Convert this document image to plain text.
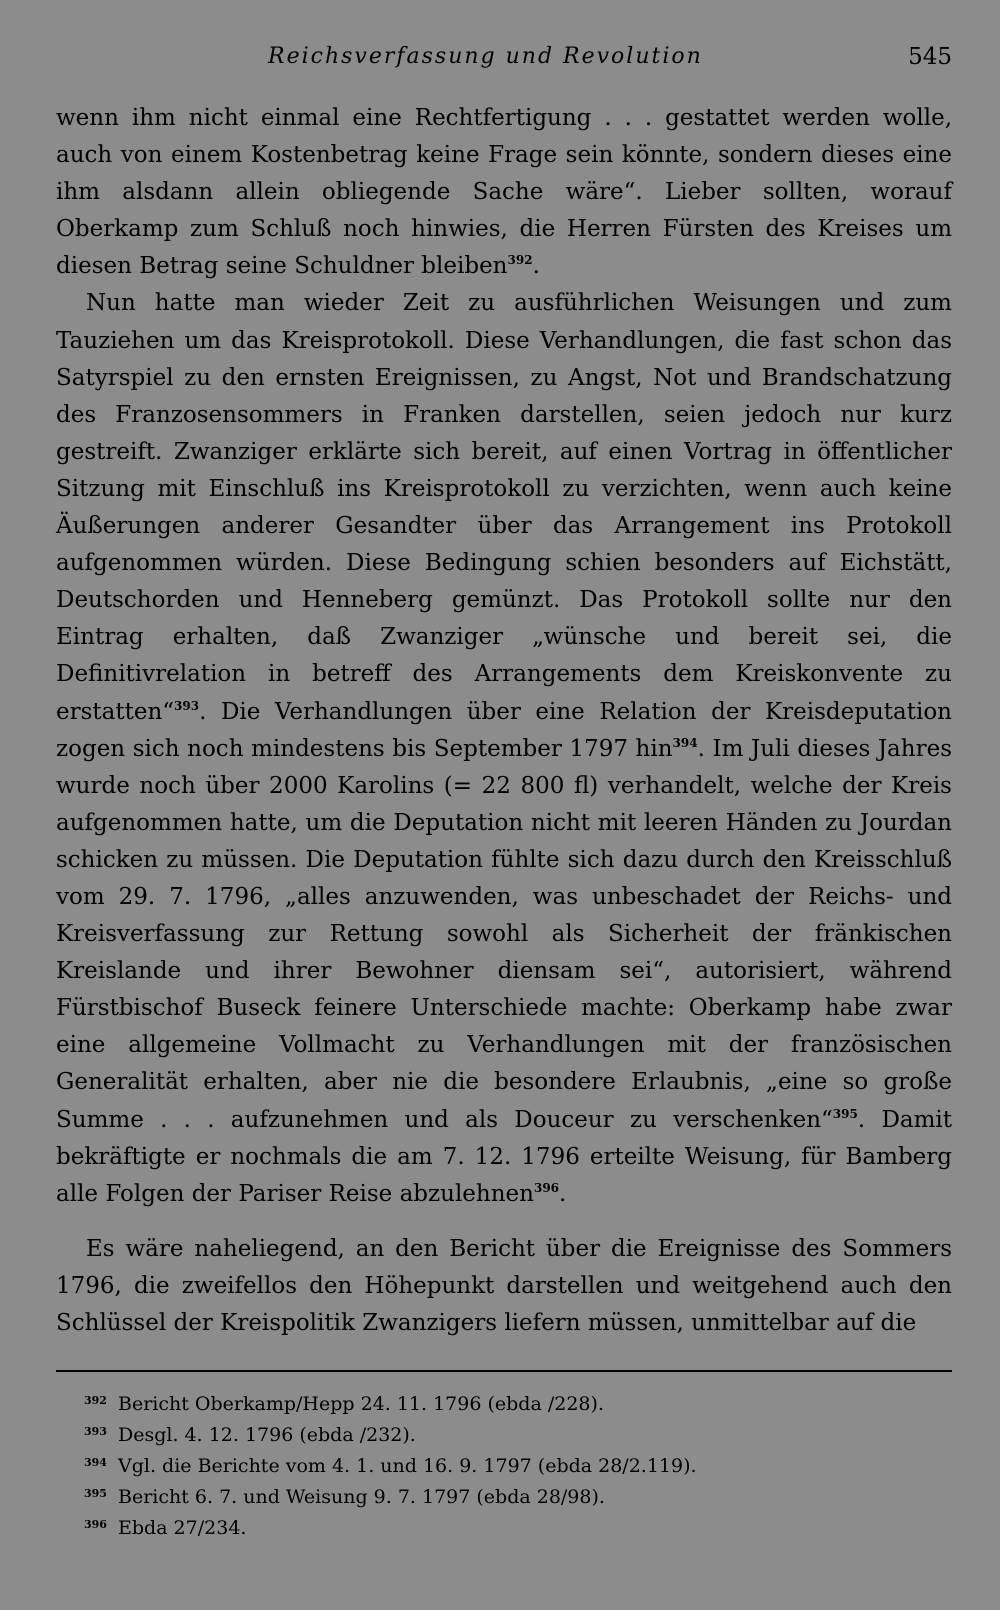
Reichsverfassung und Revolution	545

wenn ihm nicht einmal eine Rechtfertigung . . . gestattet werden wolle, auch von einem Kostenbetrag keine Frage sein könnte, sondern dieses eine ihm alsdann allein obliegende Sache wäre“. Lieber sollten, worauf Oberkamp zum Schluß noch hinwies, die Herren Fürsten des Kreises um diesen Betrag seine Schuldner bleiben$^{392}$.

Nun hatte man wieder Zeit zu ausführlichen Weisungen und zum Tauziehen um das Kreisprotokoll. Diese Verhandlungen, die fast schon das Satyrspiel zu den ernsten Ereignissen, zu Angst, Not und Brandschatzung des Franzosensommers in Franken darstellen, seien jedoch nur kurz gestreift. Zwanziger erklärte sich bereit, auf einen Vortrag in öffentlicher Sitzung mit Einschluß ins Kreisprotokoll zu verzichten, wenn auch keine Äußerungen anderer Gesandter über das Arrangement ins Protokoll aufgenommen würden. Diese Bedingung schien besonders auf Eichstätt, Deutschorden und Henneberg gemünzt. Das Protokoll sollte nur den Eintrag erhalten, daß Zwanziger „wünsche und bereit sei, die Definitivrelation in betreff des Arrangements dem Kreiskonvente zu erstatten“$^{393}$. Die Verhandlungen über eine Relation der Kreisdeputation zogen sich noch mindestens bis September 1797 hin$^{394}$. Im Juli dieses Jahres wurde noch über 2000 Karolins (= 22 800 fl) verhandelt, welche der Kreis aufgenommen hatte, um die Deputation nicht mit leeren Händen zu Jourdan schicken zu müssen. Die Deputation fühlte sich dazu durch den Kreisschluß vom 29. 7. 1796, „alles anzuwenden, was unbeschadet der Reichs- und Kreisverfassung zur Rettung sowohl als Sicherheit der fränkischen Kreislande und ihrer Bewohner diensam sei“, autorisiert, während Fürstbischof Buseck feinere Unterschiede machte: Oberkamp habe zwar eine allgemeine Vollmacht zu Verhandlungen mit der französischen Generalität erhalten, aber nie die besondere Erlaubnis, „eine so große Summe . . . aufzunehmen und als Douceur zu verschenken“$^{395}$. Damit bekräftigte er nochmals die am 7. 12. 1796 erteilte Weisung, für Bamberg alle Folgen der Pariser Reise abzulehnen$^{396}$.

Es wäre naheliegend, an den Bericht über die Ereignisse des Sommers 1796, die zweifellos den Höhepunkt darstellen und weitgehend auch den Schlüssel der Kreispolitik Zwanzigers liefern müssen, unmittelbar auf die

392 Bericht Oberkamp/Hepp 24. 11. 1796 (ebda /228).
393 Desgl. 4. 12. 1796 (ebda /232).
394 Vgl. die Berichte vom 4. 1. und 16. 9. 1797 (ebda 28/2.119).
395 Bericht 6. 7. und Weisung 9. 7. 1797 (ebda 28/98).
396 Ebda 27/234.
